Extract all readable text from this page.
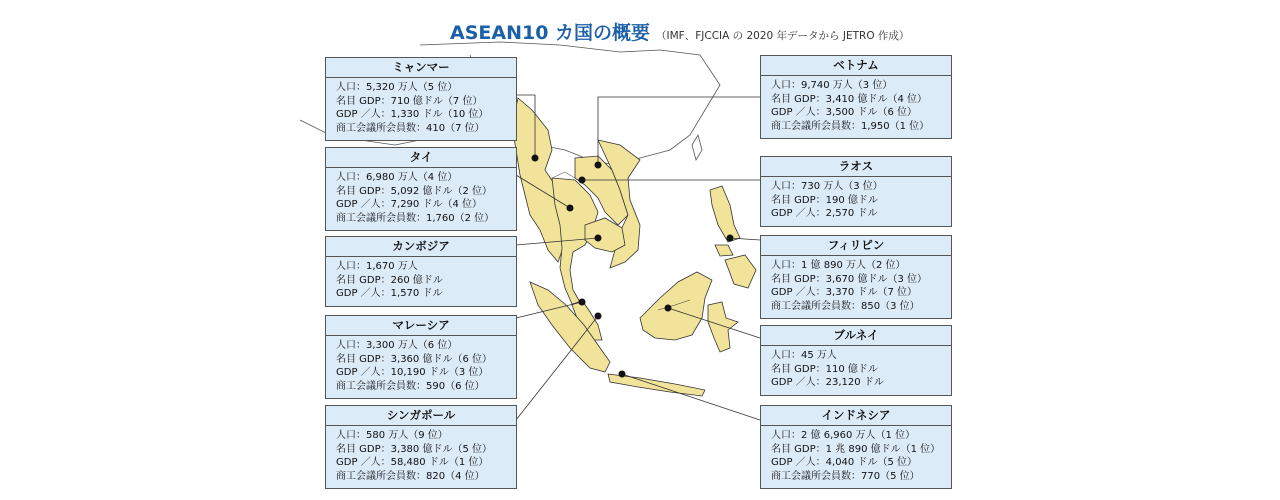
ASEAN10 カ国の概要 （IMF、FJCCIA の 2020 年データから JETRO 作成）
ミャンマー
人口：5,320 万人（5 位）
名目 GDP：710 億ドル（7 位）
GDP ／人：1,330 ドル（10 位）
商工会議所会員数：410（7 位）
タイ
人口：6,980 万人（4 位）
名目 GDP：5,092 億ドル（2 位）
GDP ／人：7,290 ドル（4 位）
商工会議所会員数：1,760（2 位）
カンボジア
人口：1,670 万人
名目 GDP：260 億ドル
GDP ／人：1,570 ドル
マレーシア
人口：3,300 万人（6 位）
名目 GDP：3,360 億ドル（6 位）
GDP ／人：10,190 ドル（3 位）
商工会議所会員数：590（6 位）
シンガポール
人口：580 万人（9 位）
名目 GDP：3,380 億ドル（5 位）
GDP ／人：58,480 ドル（1 位）
商工会議所会員数：820（4 位）
ベトナム
人口：9,740 万人（3 位）
名目 GDP：3,410 億ドル（4 位）
GDP ／人：3,500 ドル（6 位）
商工会議所会員数：1,950（1 位）
ラオス
人口：730 万人（3 位）
名目 GDP：190 億ドル
GDP ／人：2,570 ドル
フィリピン
人口：1 億 890 万人（2 位）
名目 GDP：3,670 億ドル（3 位）
GDP ／人：3,370 ドル（7 位）
商工会議所会員数：850（3 位）
ブルネイ
人口：45 万人
名目 GDP：110 億ドル
GDP ／人：23,120 ドル
インドネシア
人口：2 億 6,960 万人（1 位）
名目 GDP：1 兆 890 億ドル（1 位）
GDP ／人：4,040 ドル（5 位）
商工会議所会員数：770（5 位）
